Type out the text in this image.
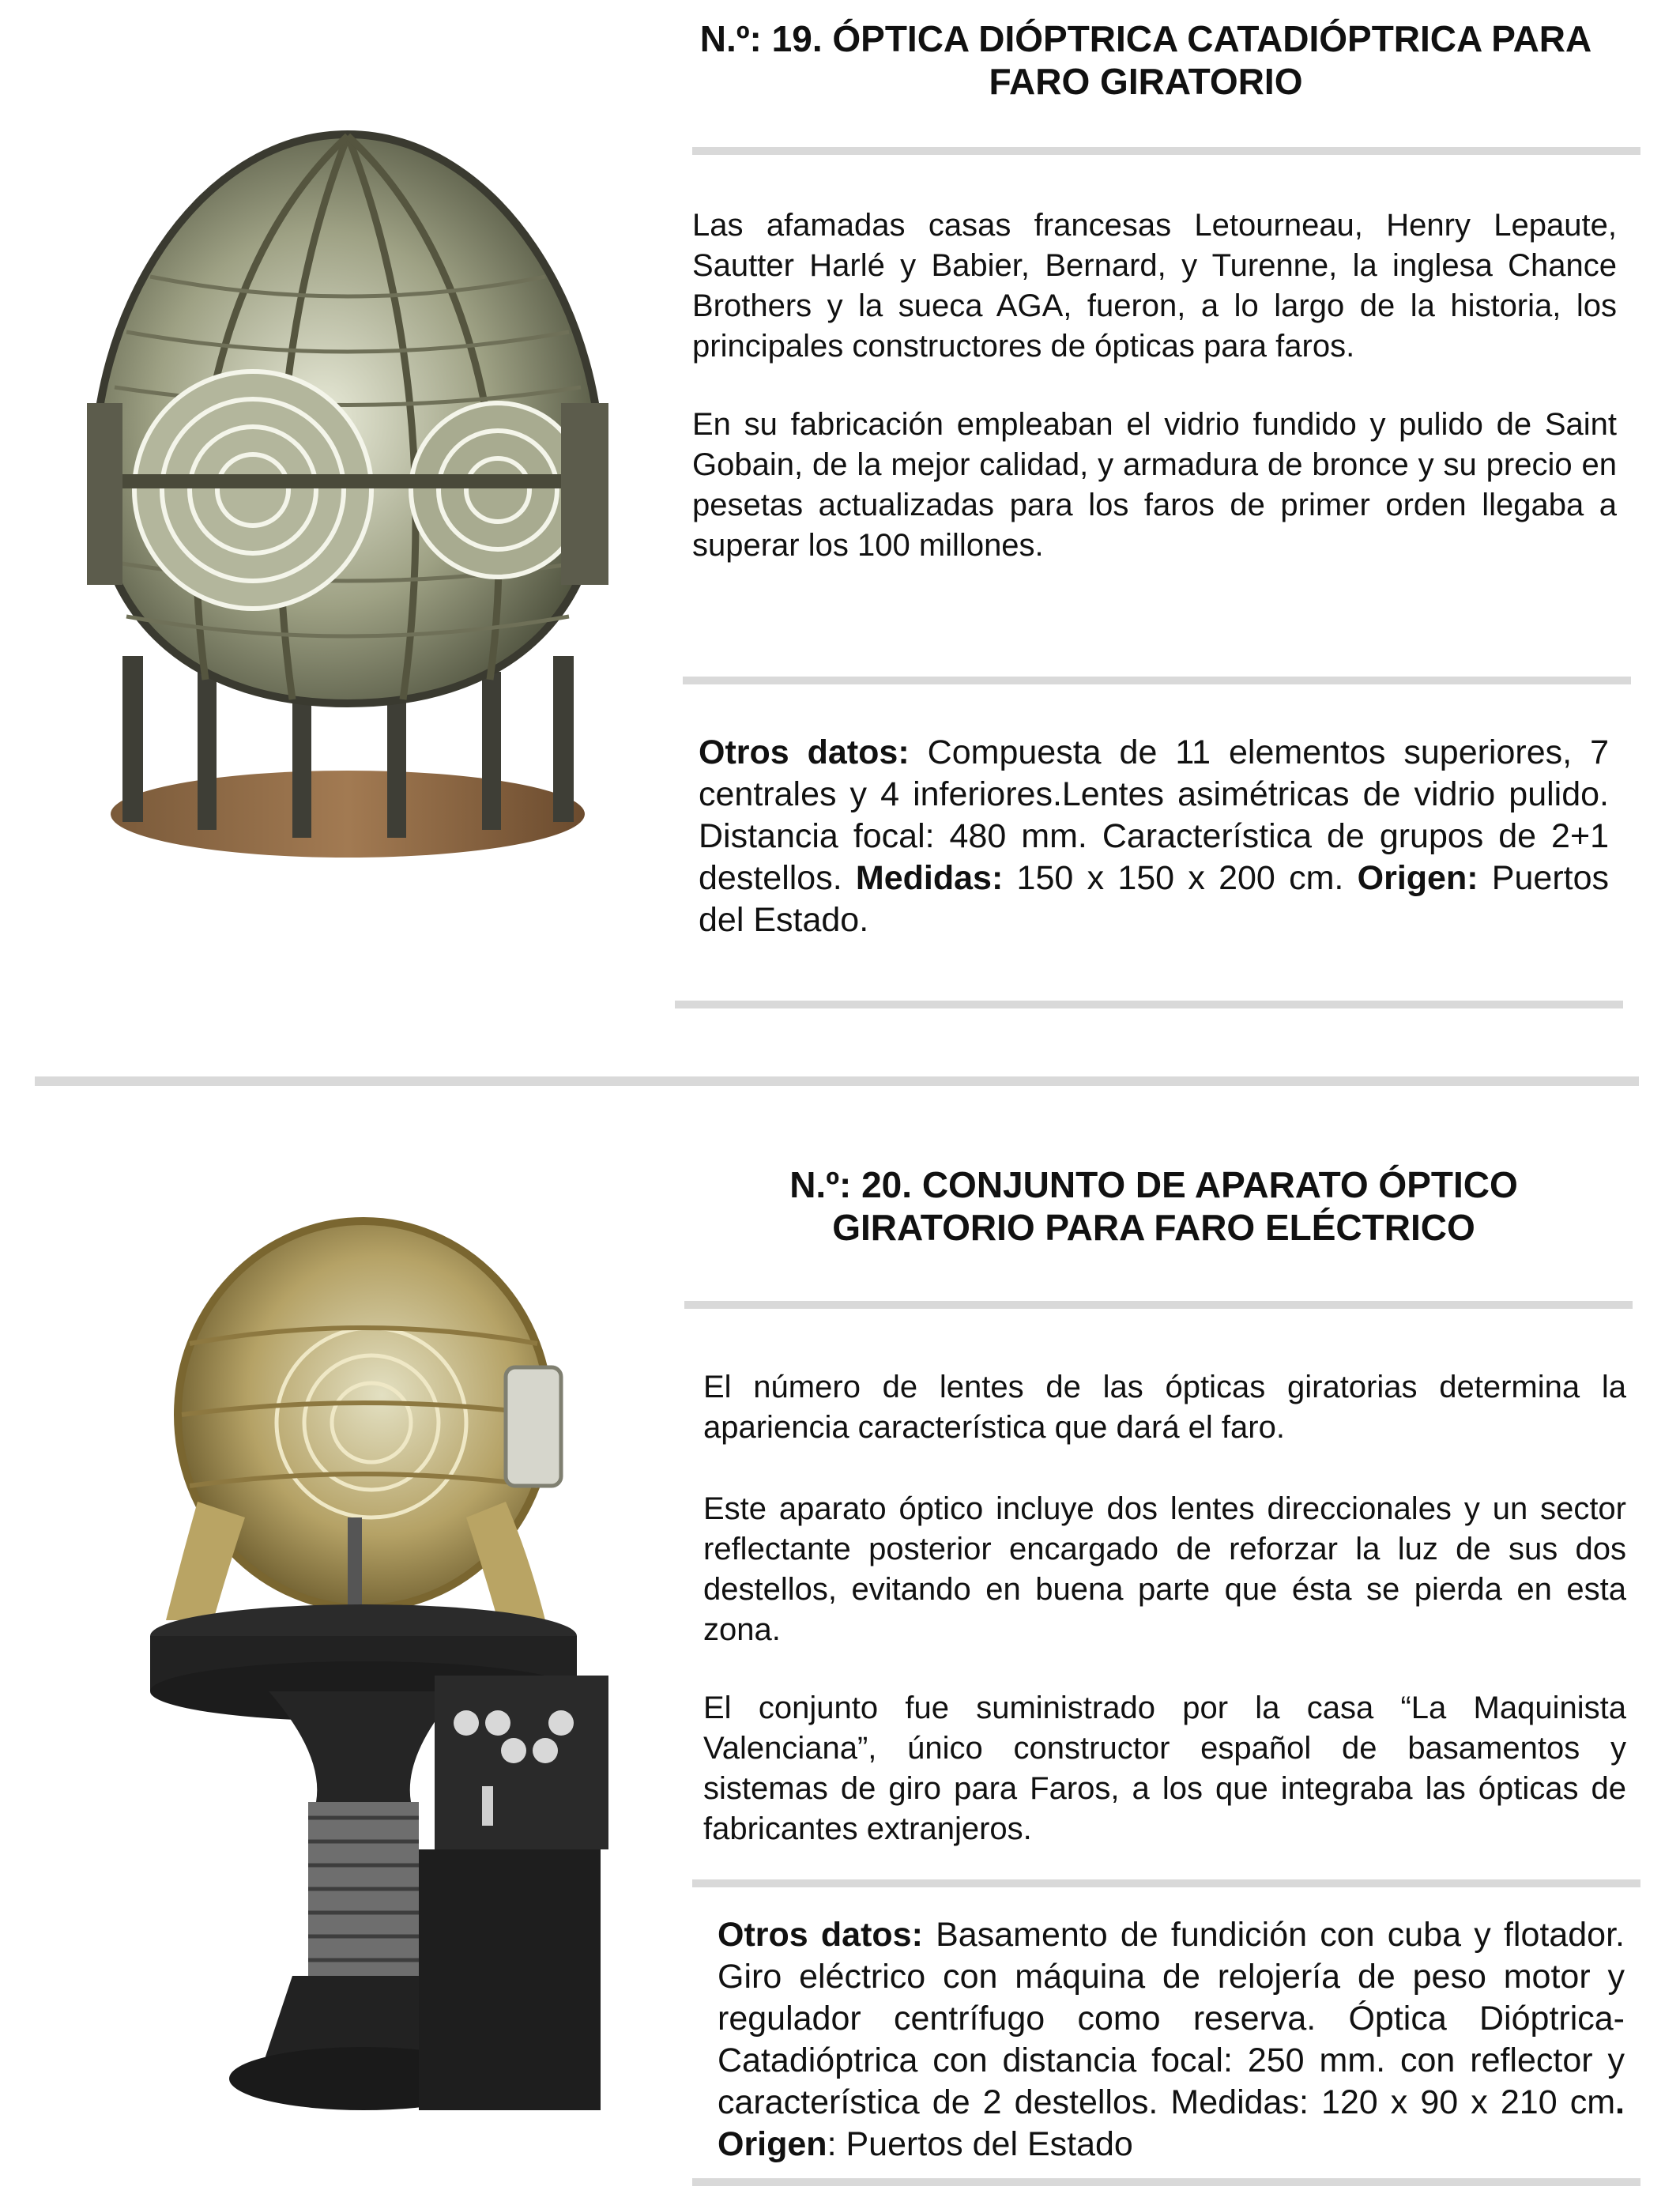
N.º: 19. ÓPTICA DIÓPTRICA CATADIÓPTRICA PARA
FARO GIRATORIO

Las afamadas casas francesas Letourneau, Henry Lepaute, Sautter Harlé y Babier, Bernard, y Turenne, la inglesa Chance Brothers y la sueca AGA, fueron, a lo largo de la historia, los principales constructores de ópticas para faros.

En su fabricación empleaban el vidrio fundido y pulido de Saint Gobain, de la mejor calidad, y armadura de bronce y su precio en pesetas actualizadas para los faros de primer orden llegaba a superar los 100 millones.

Otros datos: Compuesta de 11 elementos superiores, 7 centrales y 4 inferiores.Lentes asimétricas de vidrio pulido. Distancia focal: 480 mm. Característica de grupos de 2+1 destellos. Medidas: 150 x 150 x 200 cm. Origen: Puertos del Estado.

N.º: 20. CONJUNTO DE APARATO ÓPTICO
GIRATORIO PARA FARO ELÉCTRICO

El número de lentes de las ópticas giratorias determina la apariencia característica que dará el faro.

Este aparato óptico incluye dos lentes direccionales y un sector reflectante posterior encargado de reforzar la luz de sus dos destellos, evitando en buena parte que ésta se pierda en esta zona.

El conjunto fue suministrado por la casa “La Maquinista Valenciana”, único constructor español de basamentos y sistemas de giro para Faros, a los que integraba las ópticas de fabricantes extranjeros.

Otros datos: Basamento de fundición con cuba y flotador. Giro eléctrico con máquina de relojería de peso motor y regulador centrífugo como reserva. Óptica Dióptrica-Catadióptrica con distancia focal: 250 mm. con reflector y característica de 2 destellos. Medidas: 120 x 90 x 210 cm. Origen: Puertos del Estado
